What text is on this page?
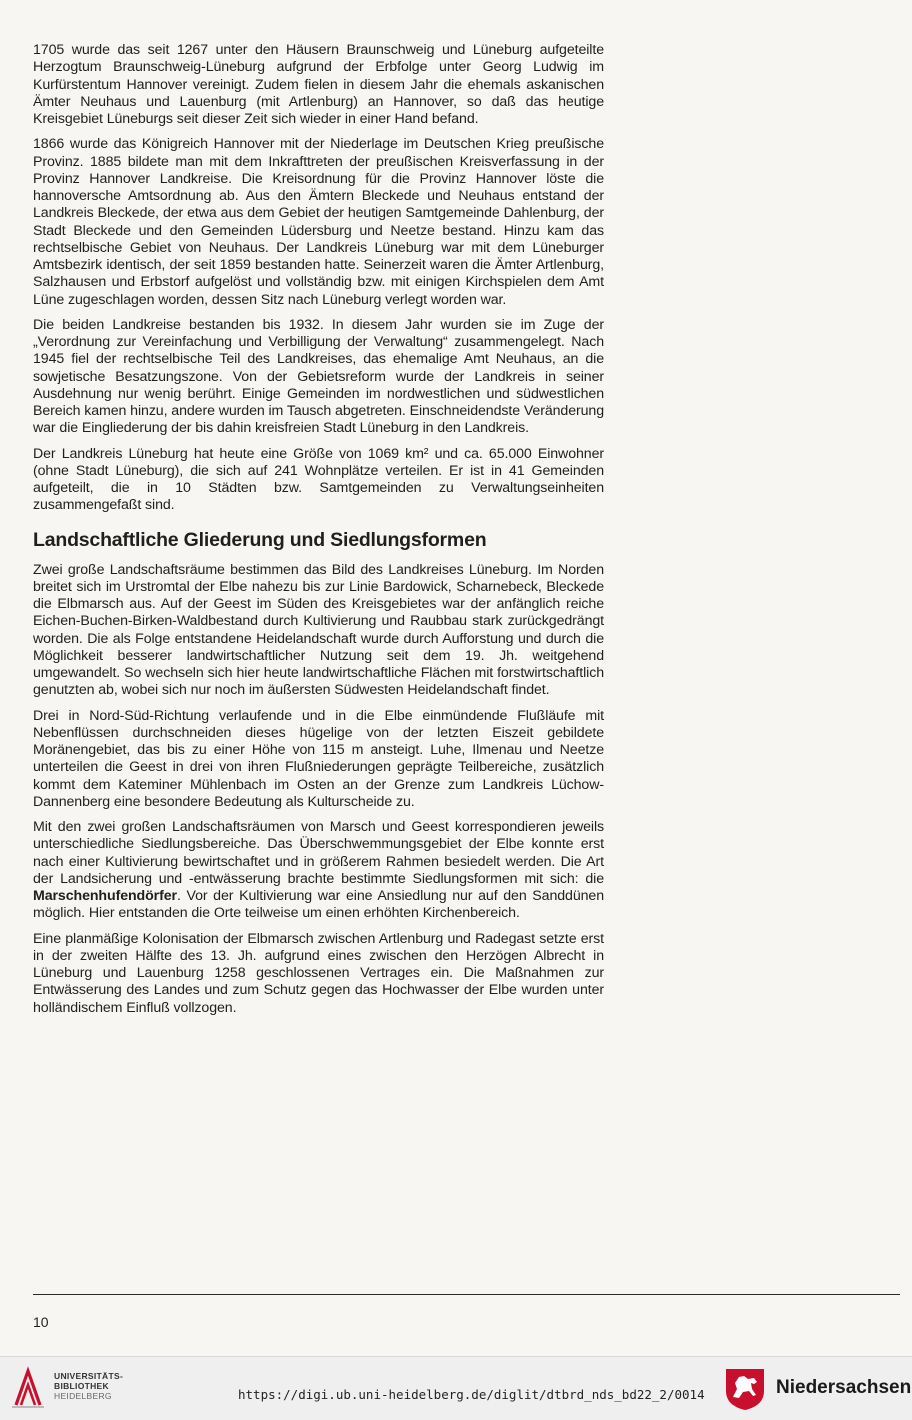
1705 wurde das seit 1267 unter den Häusern Braunschweig und Lüneburg aufgeteilte Herzogtum Braunschweig-Lüneburg aufgrund der Erbfolge unter Georg Ludwig im Kurfürstentum Hannover vereinigt. Zudem fielen in diesem Jahr die ehemals askanischen Ämter Neuhaus und Lauenburg (mit Artlenburg) an Hannover, so daß das heutige Kreisgebiet Lüneburgs seit dieser Zeit sich wieder in einer Hand befand.

1866 wurde das Königreich Hannover mit der Niederlage im Deutschen Krieg preußische Provinz. 1885 bildete man mit dem Inkrafttreten der preußischen Kreisverfassung in der Provinz Hannover Landkreise. Die Kreisordnung für die Provinz Hannover löste die hannoversche Amtsordnung ab. Aus den Ämtern Bleckede und Neuhaus entstand der Landkreis Bleckede, der etwa aus dem Gebiet der heutigen Samtgemeinde Dahlenburg, der Stadt Bleckede und den Gemeinden Lüdersburg und Neetze bestand. Hinzu kam das rechtselbische Gebiet von Neuhaus. Der Landkreis Lüneburg war mit dem Lüneburger Amtsbezirk identisch, der seit 1859 bestanden hatte. Seinerzeit waren die Ämter Artlenburg, Salzhausen und Erbstorf aufgelöst und vollständig bzw. mit einigen Kirchspielen dem Amt Lüne zugeschlagen worden, dessen Sitz nach Lüneburg verlegt worden war.

Die beiden Landkreise bestanden bis 1932. In diesem Jahr wurden sie im Zuge der „Verordnung zur Vereinfachung und Verbilligung der Verwaltung“ zusammengelegt. Nach 1945 fiel der rechtselbische Teil des Landkreises, das ehemalige Amt Neuhaus, an die sowjetische Besatzungszone. Von der Gebietsreform wurde der Landkreis in seiner Ausdehnung nur wenig berührt. Einige Gemeinden im nordwestlichen und südwestlichen Bereich kamen hinzu, andere wurden im Tausch abgetreten. Einschneidendste Veränderung war die Eingliederung der bis dahin kreisfreien Stadt Lüneburg in den Landkreis.

Der Landkreis Lüneburg hat heute eine Größe von 1069 km² und ca. 65.000 Einwohner (ohne Stadt Lüneburg), die sich auf 241 Wohnplätze verteilen. Er ist in 41 Gemeinden aufgeteilt, die in 10 Städten bzw. Samtgemeinden zu Verwaltungseinheiten zusammengefaßt sind.

Landschaftliche Gliederung und Siedlungsformen

Zwei große Landschaftsräume bestimmen das Bild des Landkreises Lüneburg. Im Norden breitet sich im Urstromtal der Elbe nahezu bis zur Linie Bardowick, Scharnebeck, Bleckede die Elbmarsch aus. Auf der Geest im Süden des Kreisgebietes war der anfänglich reiche Eichen-Buchen-Birken-Waldbestand durch Kultivierung und Raubbau stark zurückgedrängt worden. Die als Folge entstandene Heidelandschaft wurde durch Aufforstung und durch die Möglichkeit besserer landwirtschaftlicher Nutzung seit dem 19. Jh. weitgehend umgewandelt. So wechseln sich hier heute landwirtschaftliche Flächen mit forstwirtschaftlich genutzten ab, wobei sich nur noch im äußersten Südwesten Heidelandschaft findet.

Drei in Nord-Süd-Richtung verlaufende und in die Elbe einmündende Flußläufe mit Nebenflüssen durchschneiden dieses hügelige von der letzten Eiszeit gebildete Moränengebiet, das bis zu einer Höhe von 115 m ansteigt. Luhe, Ilmenau und Neetze unterteilen die Geest in drei von ihren Flußniederungen geprägte Teilbereiche, zusätzlich kommt dem Kateminer Mühlenbach im Osten an der Grenze zum Landkreis Lüchow-Dannenberg eine besondere Bedeutung als Kulturscheide zu.

Mit den zwei großen Landschaftsräumen von Marsch und Geest korrespondieren jeweils unterschiedliche Siedlungsbereiche. Das Überschwemmungsgebiet der Elbe konnte erst nach einer Kultivierung bewirtschaftet und in größerem Rahmen besiedelt werden. Die Art der Landsicherung und -entwässerung brachte bestimmte Siedlungsformen mit sich: die Marschenhufendörfer. Vor der Kultivierung war eine Ansiedlung nur auf den Sanddünen möglich. Hier entstanden die Orte teilweise um einen erhöhten Kirchenbereich.

Eine planmäßige Kolonisation der Elbmarsch zwischen Artlenburg und Radegast setzte erst in der zweiten Hälfte des 13. Jh. aufgrund eines zwischen den Herzögen Albrecht in Lüneburg und Lauenburg 1258 geschlossenen Vertrages ein. Die Maßnahmen zur Entwässerung des Landes und zum Schutz gegen das Hochwasser der Elbe wurden unter holländischem Einfluß vollzogen.

10
UNIVERSITÄTS-
BIBLIOTHEK
HEIDELBERG	https://digi.ub.uni-heidelberg.de/diglit/dtbrd_nds_bd22_2/0014	Niedersachsen
